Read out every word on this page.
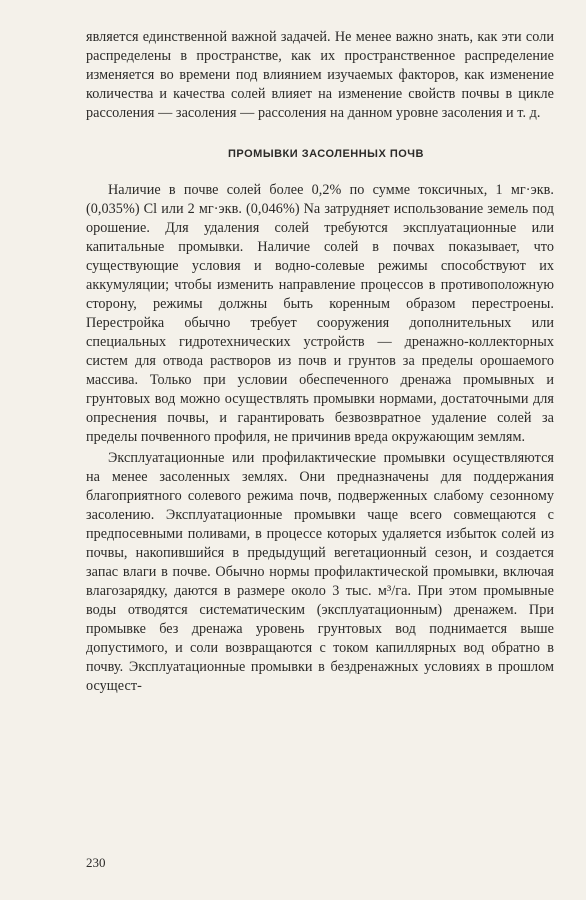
является единственной важной задачей. Не менее важно знать, как эти соли распределены в пространстве, как их пространственное распределение изменяется во времени под влиянием изучаемых факторов, как изменение количества и качества солей влияет на изменение свойств почвы в цикле рассоления — засоления — рассоления на данном уровне засоления и т. д.

ПРОМЫВКИ ЗАСОЛЕННЫХ ПОЧВ

Наличие в почве солей более 0,2% по сумме токсичных, 1 мг·экв. (0,035%) Cl или 2 мг·экв. (0,046%) Na затрудняет использование земель под орошение. Для удаления солей требуются эксплуатационные или капитальные промывки. Наличие солей в почвах показывает, что существующие условия и водно-солевые режимы способствуют их аккумуляции; чтобы изменить направление процессов в противоположную сторону, режимы должны быть коренным образом перестроены. Перестройка обычно требует сооружения дополнительных или специальных гидротехнических устройств — дренажно-коллекторных систем для отвода растворов из почв и грунтов за пределы орошаемого массива. Только при условии обеспеченного дренажа промывных и грунтовых вод можно осуществлять промывки нормами, достаточными для опреснения почвы, и гарантировать безвозвратное удаление солей за пределы почвенного профиля, не причинив вреда окружающим землям.

Эксплуатационные или профилактические промывки осуществляются на менее засоленных землях. Они предназначены для поддержания благоприятного солевого режима почв, подверженных слабому сезонному засолению. Эксплуатационные промывки чаще всего совмещаются с предпосевными поливами, в процессе которых удаляется избыток солей из почвы, накопившийся в предыдущий вегетационный сезон, и создается запас влаги в почве. Обычно нормы профилактической промывки, включая влагозарядку, даются в размере около 3 тыс. м³/га. При этом промывные воды отводятся систематическим (эксплуатационным) дренажем. При промывке без дренажа уровень грунтовых вод поднимается выше допустимого, и соли возвращаются с током капиллярных вод обратно в почву. Эксплуатационные промывки в бездренажных условиях в прошлом осущест-

230
